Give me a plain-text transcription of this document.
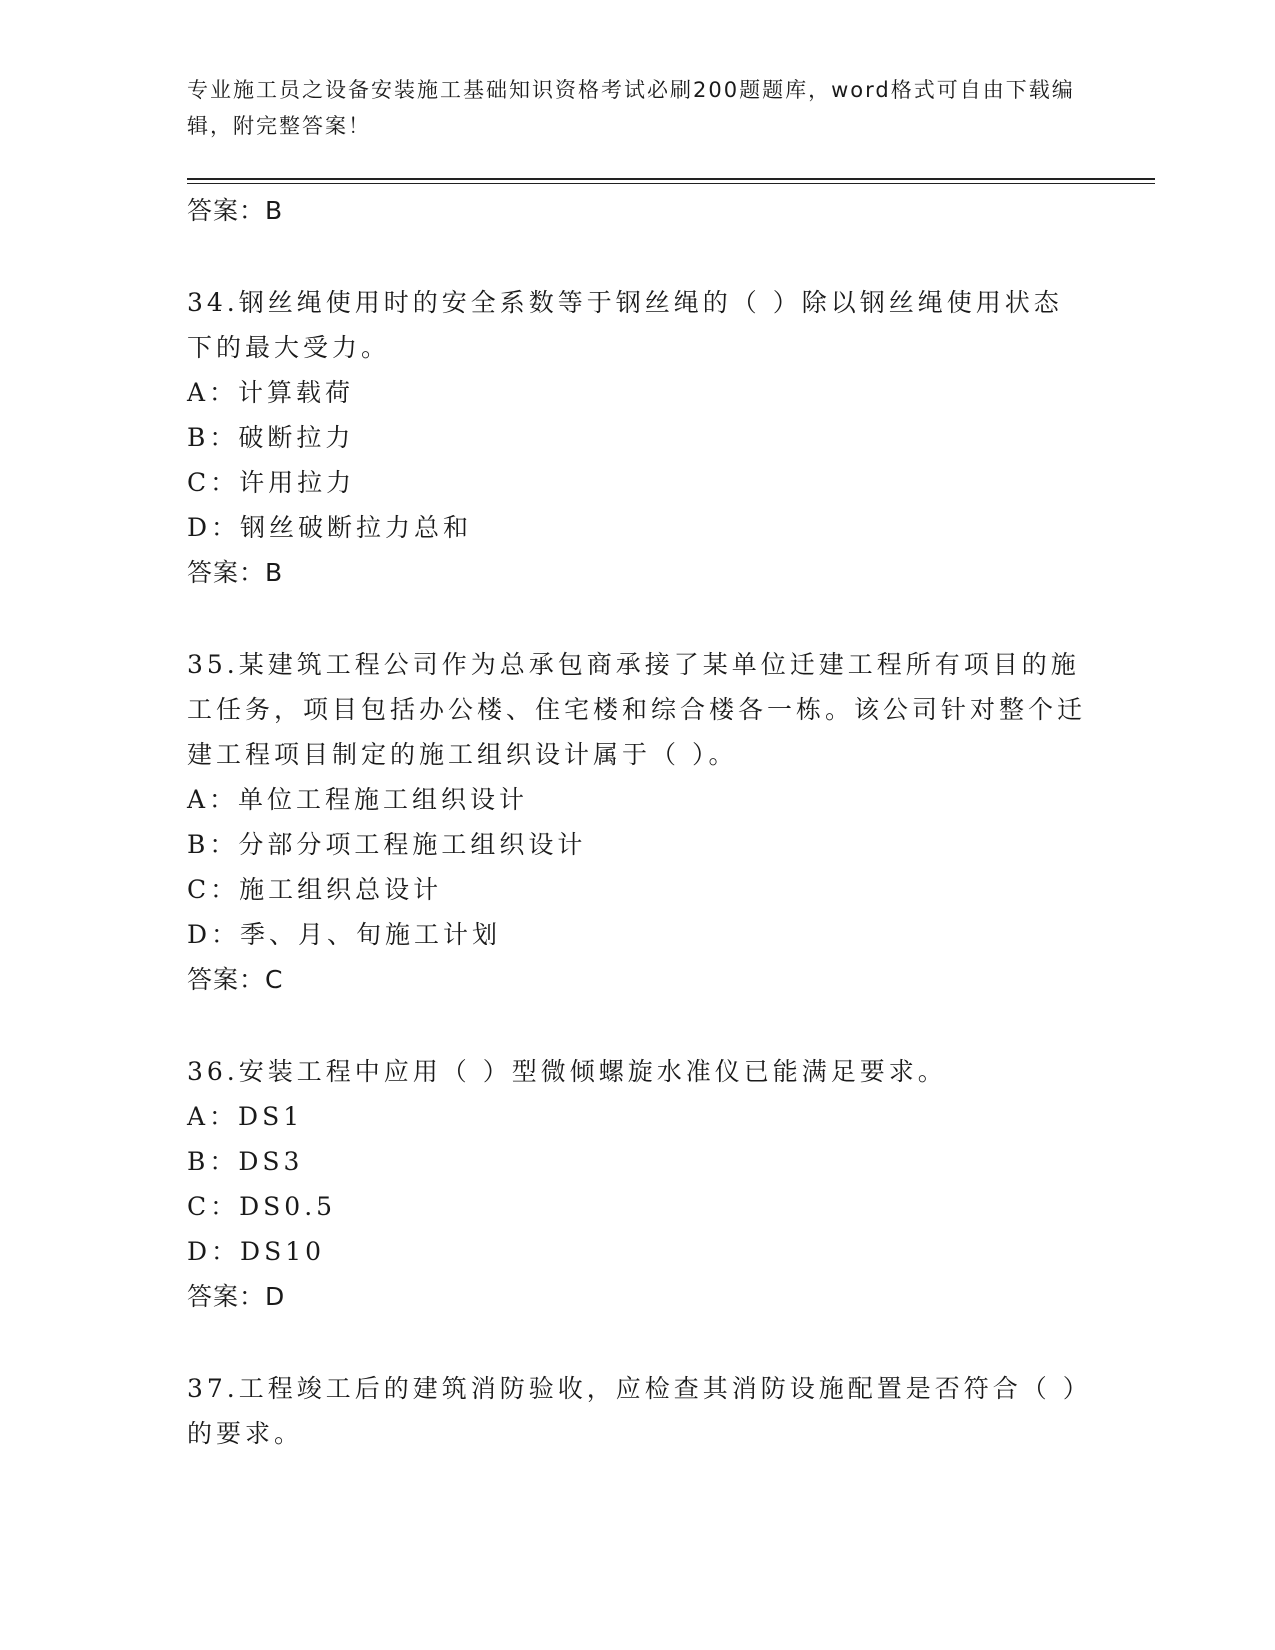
专业施工员之设备安装施工基础知识资格考试必刷200题题库，word格式可自由下载编辑，附完整答案！
答案：B
34.钢丝绳使用时的安全系数等于钢丝绳的（ ）除以钢丝绳使用状态下的最大受力。
A：计算载荷
B：破断拉力
C：许用拉力
D：钢丝破断拉力总和
答案：B
35.某建筑工程公司作为总承包商承接了某单位迁建工程所有项目的施工任务，项目包括办公楼、住宅楼和综合楼各一栋。该公司针对整个迁建工程项目制定的施工组织设计属于（ ）。
A：单位工程施工组织设计
B：分部分项工程施工组织设计
C：施工组织总设计
D：季、月、旬施工计划
答案：C
36.安装工程中应用（ ）型微倾螺旋水准仪已能满足要求。
A：DS1
B：DS3
C：DS0.5
D：DS10
答案：D
37.工程竣工后的建筑消防验收，应检查其消防设施配置是否符合（ ）的要求。
